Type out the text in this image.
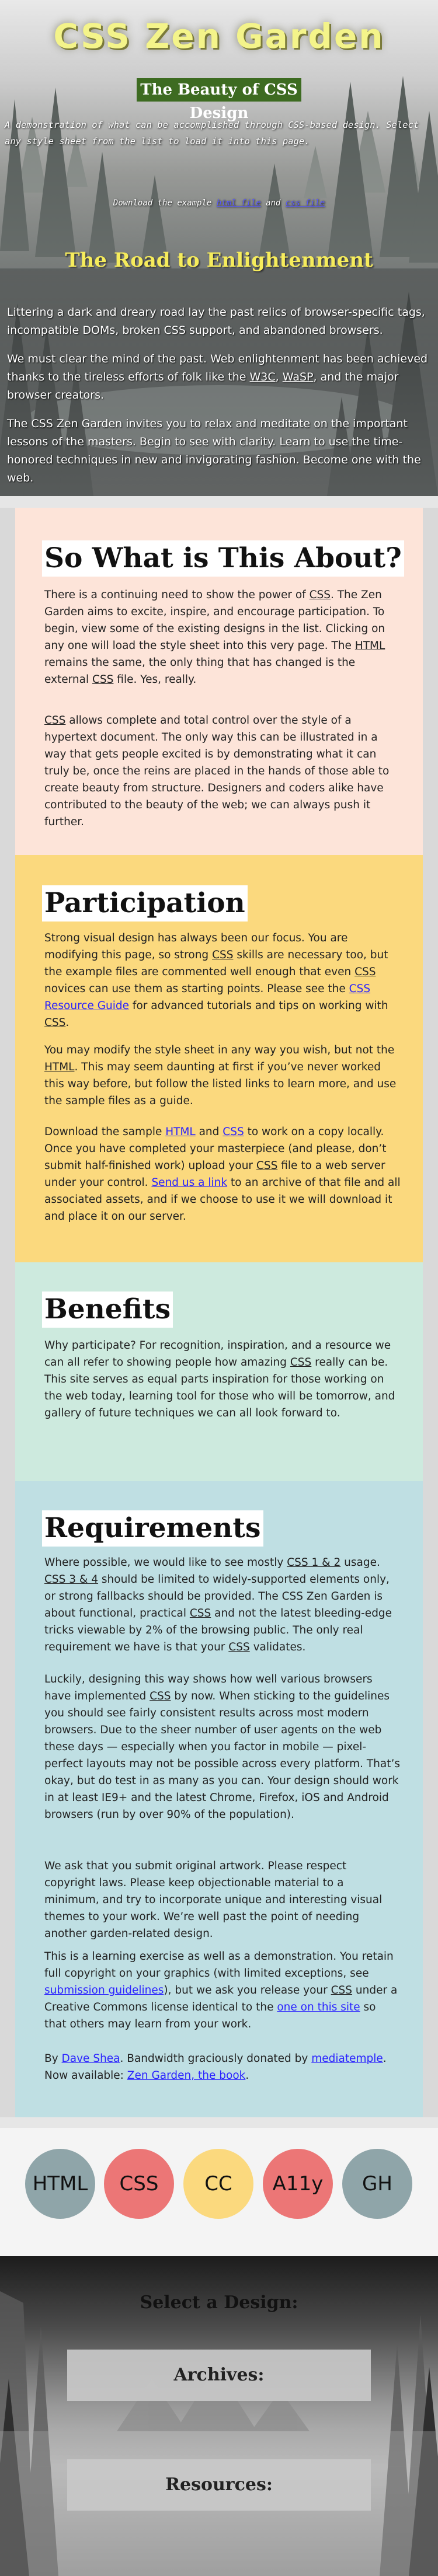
CSS Zen Garden
The Beauty of CSS Design
A demonstration of what can be accomplished through CSS-based design. Select any style sheet from the list to load it into this page.
Download the example html file and css file
The Road to Enlightenment

Littering a dark and dreary road lay the past relics of browser-specific tags, incompatible DOMs, broken CSS support, and abandoned browsers.

We must clear the mind of the past. Web enlightenment has been achieved thanks to the tireless efforts of folk like the W3C, WaSP, and the major browser creators.

The CSS Zen Garden invites you to relax and meditate on the important lessons of the masters. Begin to see with clarity. Learn to use the time-honored techniques in new and invigorating fashion. Become one with the web.

So What is This About?

There is a continuing need to show the power of CSS. The Zen Garden aims to excite, inspire, and encourage participation. To begin, view some of the existing designs in the list. Clicking on any one will load the style sheet into this very page. The HTML remains the same, the only thing that has changed is the external CSS file. Yes, really.

CSS allows complete and total control over the style of a hypertext document. The only way this can be illustrated in a way that gets people excited is by demonstrating what it can truly be, once the reins are placed in the hands of those able to create beauty from structure. Designers and coders alike have contributed to the beauty of the web; we can always push it further.

Participation

Strong visual design has always been our focus. You are modifying this page, so strong CSS skills are necessary too, but the example files are commented well enough that even CSS novices can use them as starting points. Please see the CSS Resource Guide for advanced tutorials and tips on working with CSS.

You may modify the style sheet in any way you wish, but not the HTML. This may seem daunting at first if you’ve never worked this way before, but follow the listed links to learn more, and use the sample files as a guide.

Download the sample HTML and CSS to work on a copy locally. Once you have completed your masterpiece (and please, don’t submit half-finished work) upload your CSS file to a web server under your control. Send us a link to an archive of that file and all associated assets, and if we choose to use it we will download it and place it on our server.

Benefits

Why participate? For recognition, inspiration, and a resource we can all refer to showing people how amazing CSS really can be. This site serves as equal parts inspiration for those working on the web today, learning tool for those who will be tomorrow, and gallery of future techniques we can all look forward to.

Requirements

Where possible, we would like to see mostly CSS 1 & 2 usage. CSS 3 & 4 should be limited to widely-supported elements only, or strong fallbacks should be provided. The CSS Zen Garden is about functional, practical CSS and not the latest bleeding-edge tricks viewable by 2% of the browsing public. The only real requirement we have is that your CSS validates.

Luckily, designing this way shows how well various browsers have implemented CSS by now. When sticking to the guidelines you should see fairly consistent results across most modern browsers. Due to the sheer number of user agents on the web these days — especially when you factor in mobile — pixel-perfect layouts may not be possible across every platform. That’s okay, but do test in as many as you can. Your design should work in at least IE9+ and the latest Chrome, Firefox, iOS and Android browsers (run by over 90% of the population).

We ask that you submit original artwork. Please respect copyright laws. Please keep objectionable material to a minimum, and try to incorporate unique and interesting visual themes to your work. We’re well past the point of needing another garden-related design.

This is a learning exercise as well as a demonstration. You retain full copyright on your graphics (with limited exceptions, see submission guidelines), but we ask you release your CSS under a Creative Commons license identical to the one on this site so that others may learn from your work.

By Dave Shea. Bandwidth graciously donated by mediatemple. Now available: Zen Garden, the book.

HTML	CSS	CC	A11y	GH
Select a Design:
Archives:
Resources:
